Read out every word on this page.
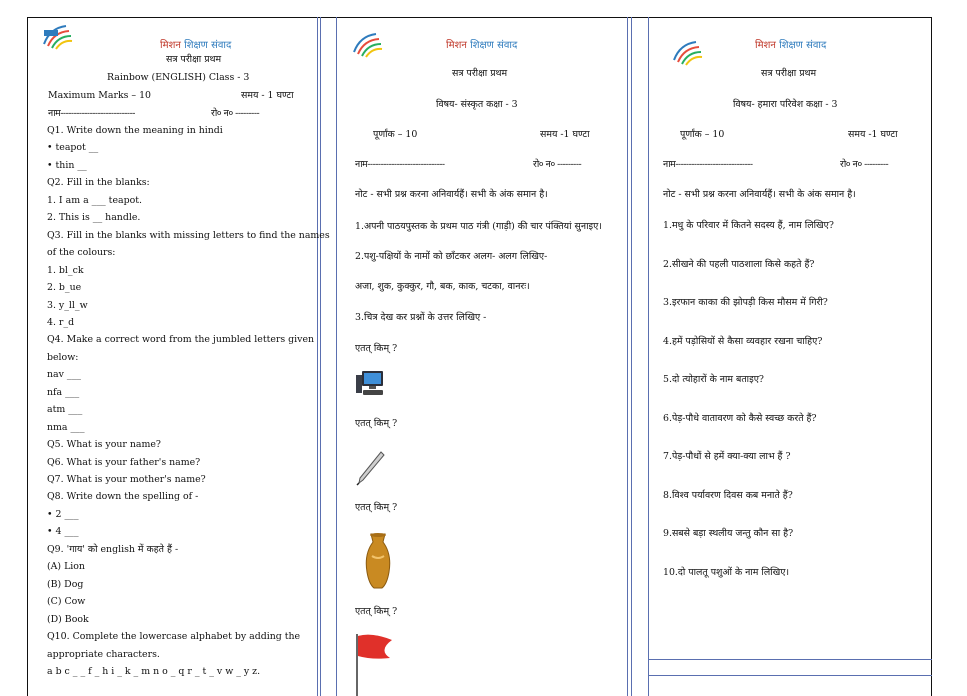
मिशन शिक्षण संवाद
सत्र परीक्षा प्रथम
Rainbow (ENGLISH) Class - 3
Maximum Marks – 10	समय - 1 घण्टा
नाम----------------------------	रो० न० ---------
Q1. Write down the meaning in hindi
• teapot __
• thin __
Q2. Fill in the blanks:
1. I am a ___ teapot.
2. This is __ handle.
Q3. Fill in the blanks with missing letters to find the names
of the colours:
1. bl_ck
2. b_ue
3. y_ll_w
4. r_d
Q4. Make a correct word from the jumbled letters given
below:
nav ___
nfa ___
atm ___
nma ___
Q5. What is your name?
Q6. What is your father's name?
Q7. What is your mother's name?
Q8. Write down the spelling of -
• 2 ___
• 4 ___
Q9. 'गाय' को english में कहते हैं -
(A) Lion
(B) Dog
(C) Cow
(D) Book
Q10. Complete the lowercase alphabet by adding the
appropriate characters.
a b c _ _ f _ h i _ k _ m n o _ q r _ t _ v w _ y z.
मिशन शिक्षण संवाद
सत्र परीक्षा प्रथम
विषय- संस्कृत कक्षा - 3
पूर्णांक – 10	समय -1 घण्टा
नाम-----------------------------	रो० न० ---------
नोट - सभी प्रश्न करना अनिवार्यहैं। सभी के अंक समान है।
1.अपनी पाठयपुस्तक के प्रथम पाठ गंत्री (गाड़ी) की चार पंक्तियां सुनाइए।
2.पशु-पक्षियों के नामों को छाँटकर अलग- अलग लिखिए-
अजा, शुक, कुक्कुर, गौ, बक, काक, चटका, वानरः।
3.चित्र देख कर प्रश्नों के उत्तर लिखिए -
एतत् किम् ?
एतत् किम् ?
एतत् किम् ?
एतत् किम् ?
मिशन शिक्षण संवाद
सत्र परीक्षा प्रथम
विषय- हमारा परिवेश कक्षा - 3
पूर्णांक – 10	समय -1 घण्टा
नाम-----------------------------	रो० न० ---------
नोट - सभी प्रश्न करना अनिवार्यहैं। सभी के अंक समान है।
1.मधु के परिवार में कितने सदस्य हैं, नाम लिखिए?
2.सीखने की पहली पाठशाला किसे कहते हैं?
3.इरफान काका की झोपड़ी किस मौसम में गिरी?
4.हमें पड़ोसियों से कैसा व्यवहार रखना चाहिए?
5.दो त्योहारों के नाम बताइए?
6.पेड़-पौधे वातावरण को कैसे स्वच्छ करते हैं?
7.पेड़-पौधों से हमें क्या-क्या लाभ हैं ?
8.विश्व पर्यावरण दिवस कब मनाते हैं?
9.सबसे बड़ा स्थलीय जन्तु कौन सा है?
10.दो पालतू पशुओं के नाम लिखिए।
